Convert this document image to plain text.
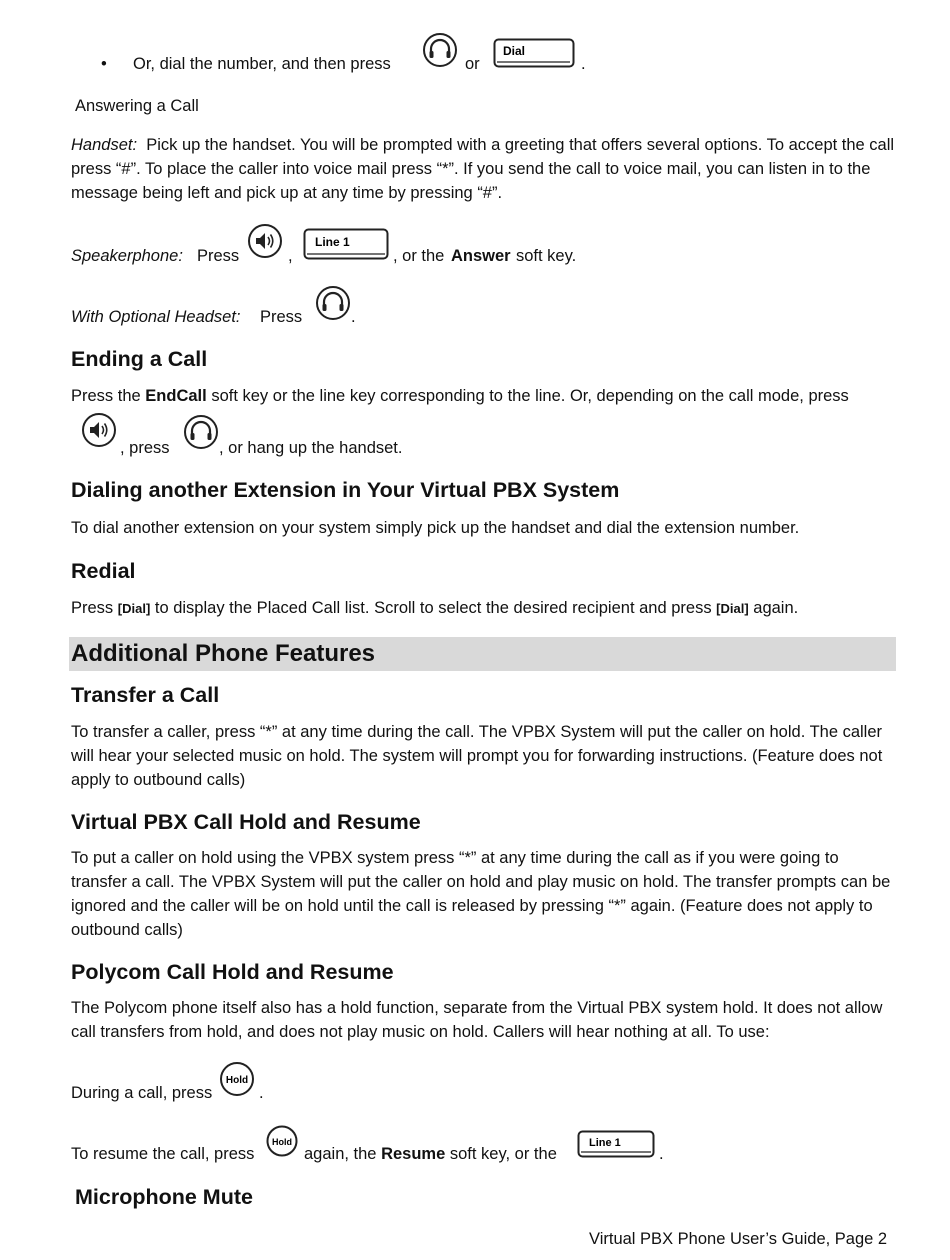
• Or, dial the number, and then press	or
Dial
.
Answering a Call

Handset: Pick up the handset. You will be prompted with a greeting that offers several options. To accept the call press “#”. To place the caller into voice mail press “*”. If you send the call to voice mail, you can listen in to the message being left and pick up at any time by pressing “#”.

Speakerphone: Press	,
Line 1
, or the Answer soft key.
With Optional Headset: Press	.
Ending a Call
Press the EndCall soft key or the line key corresponding to the line. Or, depending on the call mode, press
, press	, or hang up the handset.
Dialing another Extension in Your Virtual PBX System
To dial another extension on your system simply pick up the handset and dial the extension number.
Redial
Press [Dial] to display the Placed Call list. Scroll to select the desired recipient and press [Dial] again.
Additional Phone Features
Transfer a Call

To transfer a caller, press “*” at any time during the call. The VPBX System will put the caller on hold. The caller will hear your selected music on hold. The system will prompt you for forwarding instructions. (Feature does not apply to outbound calls)

Virtual PBX Call Hold and Resume

To put a caller on hold using the VPBX system press “*” at any time during the call as if you were going to transfer a call. The VPBX System will put the caller on hold and play music on hold. The transfer prompts can be ignored and the caller will be on hold until the call is released by pressing “*” again. (Feature does not apply to outbound calls)

Polycom Call Hold and Resume

The Polycom phone itself also has a hold function, separate from the Virtual PBX system hold. It does not allow call transfers from hold, and does not play music on hold. Callers will hear nothing at all. To use:

During a call, press
Hold
.
To resume the call, press
Hold
again, the Resume soft key, or the
Line 1
.
Microphone Mute
Virtual PBX Phone User’s Guide, Page 2
